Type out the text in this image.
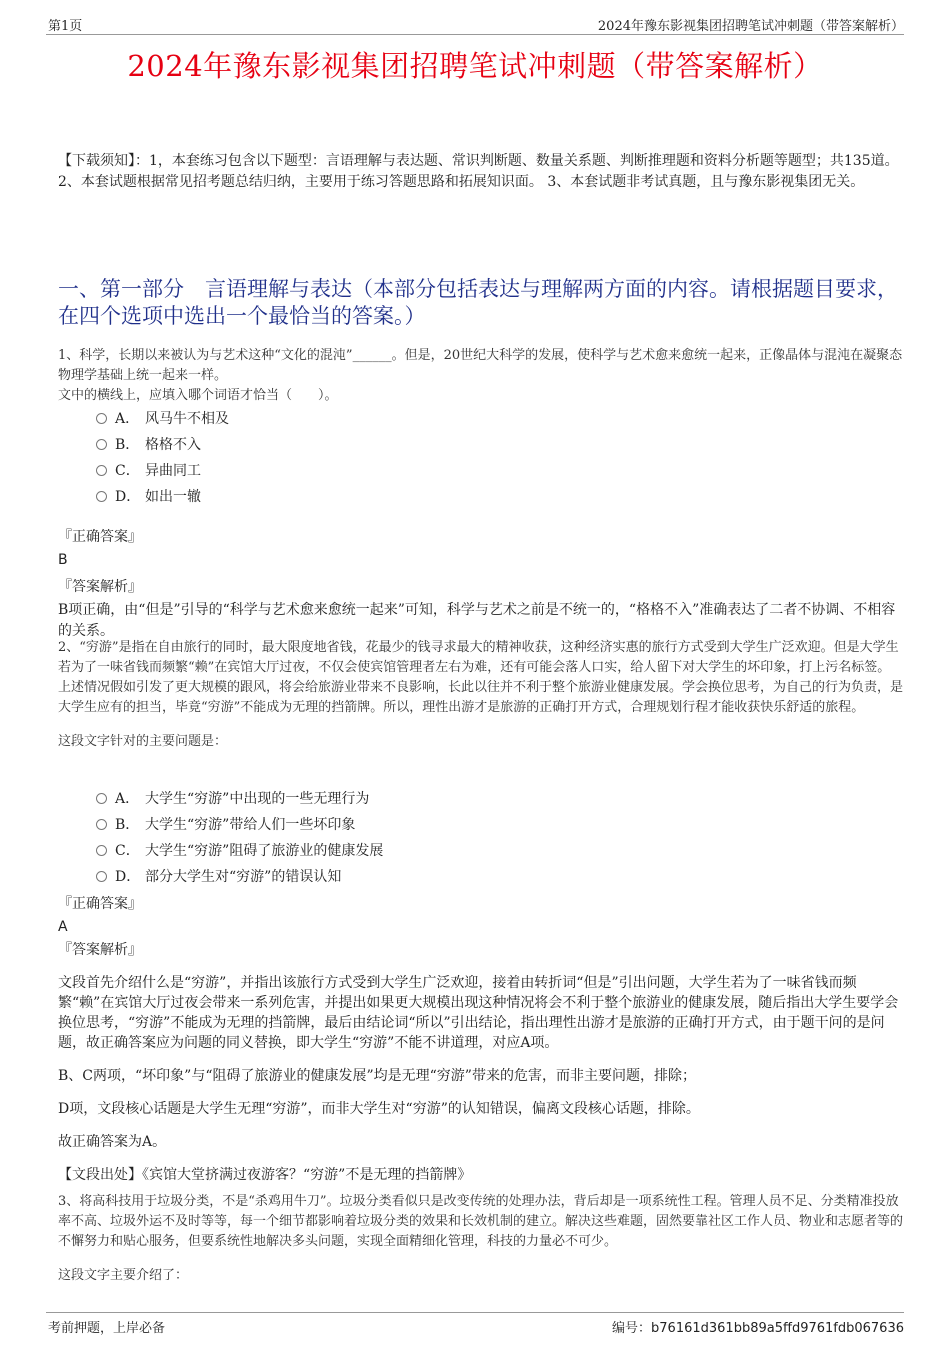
第1页	2024年豫东影视集团招聘笔试冲刺题（带答案解析）
2024年豫东影视集团招聘笔试冲刺题（带答案解析）
【下载须知】：1，本套练习包含以下题型：言语理解与表达题、常识判断题、数量关系题、判断推理题和资料分析题等题型；共135道。 2、本套试题根据常见招考题总结归纳，主要用于练习答题思路和拓展知识面。 3、本套试题非考试真题，且与豫东影视集团无关。
一、第一部分　言语理解与表达（本部分包括表达与理解两方面的内容。请根据题目要求，在四个选项中选出一个最恰当的答案。）
1、科学，长期以来被认为与艺术这种“文化的混沌”______。但是，20世纪大科学的发展，使科学与艺术愈来愈统一起来，正像晶体与混沌在凝聚态物理学基础上统一起来一样。
文中的横线上，应填入哪个词语才恰当（　　）。
A． 风马牛不相及
B． 格格不入
C． 异曲同工
D． 如出一辙
『正确答案』
B
『答案解析』
B项正确，由“但是”引导的“科学与艺术愈来愈统一起来”可知，科学与艺术之前是不统一的，“格格不入”准确表达了二者不协调、不相容的关系。
2、“穷游”是指在自由旅行的同时，最大限度地省钱，花最少的钱寻求最大的精神收获，这种经济实惠的旅行方式受到大学生广泛欢迎。但是大学生若为了一味省钱而频繁“赖”在宾馆大厅过夜，不仅会使宾馆管理者左右为难，还有可能会落人口实，给人留下对大学生的坏印象，打上污名标签。上述情况假如引发了更大规模的跟风，将会给旅游业带来不良影响，长此以往并不利于整个旅游业健康发展。学会换位思考，为自己的行为负责，是大学生应有的担当，毕竟“穷游”不能成为无理的挡箭牌。所以，理性出游才是旅游的正确打开方式，合理规划行程才能收获快乐舒适的旅程。
这段文字针对的主要问题是：
A． 大学生“穷游”中出现的一些无理行为
B． 大学生“穷游”带给人们一些坏印象
C． 大学生“穷游”阻碍了旅游业的健康发展
D． 部分大学生对“穷游”的错误认知
『正确答案』
A
『答案解析』

文段首先介绍什么是“穷游”，并指出该旅行方式受到大学生广泛欢迎，接着由转折词“但是”引出问题，大学生若为了一味省钱而频繁“赖”在宾馆大厅过夜会带来一系列危害，并提出如果更大规模出现这种情况将会不利于整个旅游业的健康发展，随后指出大学生要学会换位思考，“穷游”不能成为无理的挡箭牌，最后由结论词“所以”引出结论，指出理性出游才是旅游的正确打开方式，由于题干问的是问题，故正确答案应为问题的同义替换，即大学生“穷游”不能不讲道理，对应A项。

B、C两项，“坏印象”与“阻碍了旅游业的健康发展”均是无理“穷游”带来的危害，而非主要问题，排除；

D项，文段核心话题是大学生无理“穷游”，而非大学生对“穷游”的认知错误，偏离文段核心话题，排除。

故正确答案为A。

【文段出处】《宾馆大堂挤满过夜游客？“穷游”不是无理的挡箭牌》

3、将高科技用于垃圾分类，不是“杀鸡用牛刀”。垃圾分类看似只是改变传统的处理办法，背后却是一项系统性工程。管理人员不足、分类精准投放率不高、垃圾外运不及时等等，每一个细节都影响着垃圾分类的效果和长效机制的建立。解决这些难题，固然要靠社区工作人员、物业和志愿者等的不懈努力和贴心服务，但要系统性地解决多头问题，实现全面精细化管理，科技的力量必不可少。
这段文字主要介绍了：
考前押题，上岸必备	编号：b76161d361bb89a5ffd9761fdb067636
